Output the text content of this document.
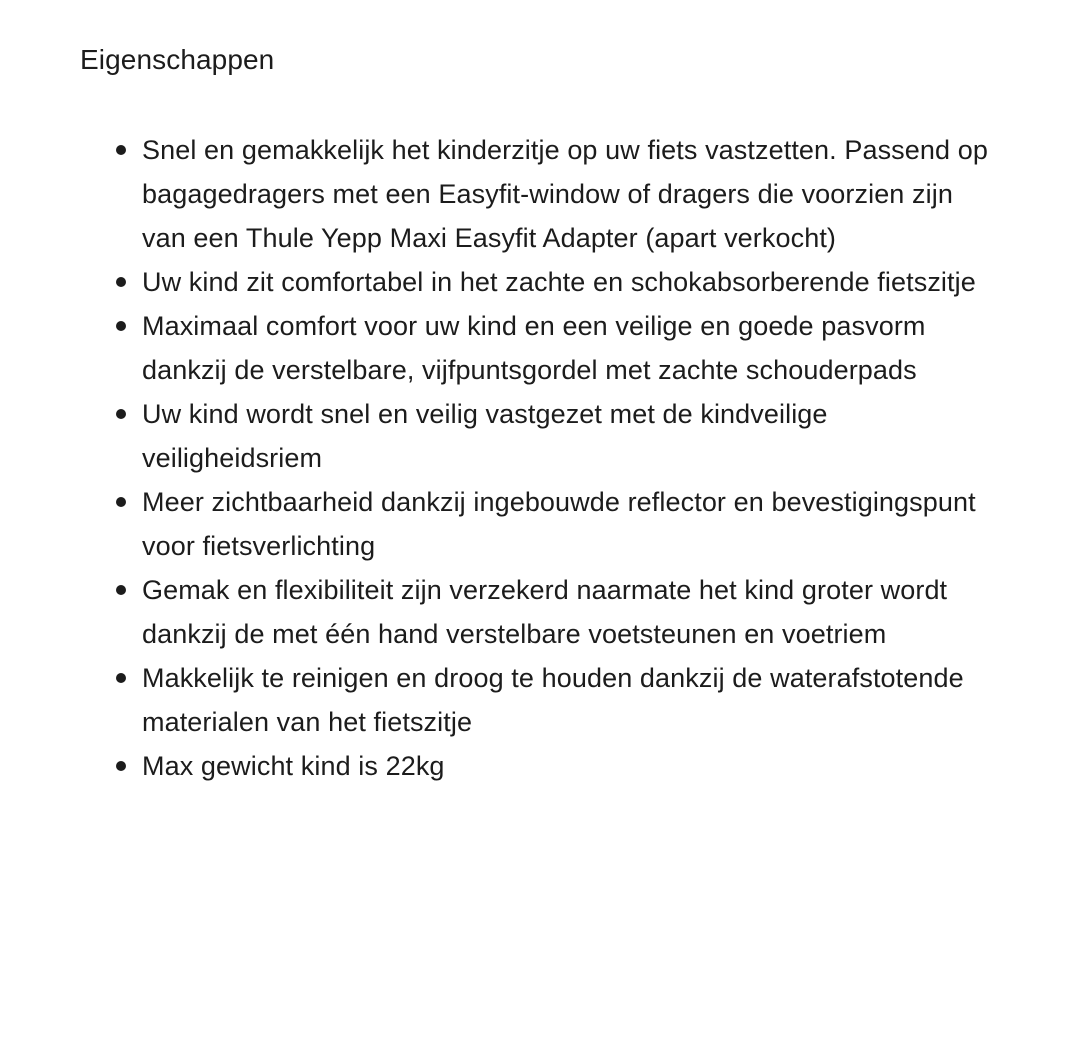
Eigenschappen
Snel en gemakkelijk het kinderzitje op uw fiets vastzetten. Passend op bagagedragers met een Easyfit-window of dragers die voorzien zijn van een Thule Yepp Maxi Easyfit Adapter (apart verkocht)
Uw kind zit comfortabel in het zachte en schokabsorberende fietszitje
Maximaal comfort voor uw kind en een veilige en goede pasvorm dankzij de verstelbare, vijfpuntsgordel met zachte schouderpads
Uw kind wordt snel en veilig vastgezet met de kindveilige veiligheidsriem
Meer zichtbaarheid dankzij ingebouwde reflector en bevestigingspunt voor fietsverlichting
Gemak en flexibiliteit zijn verzekerd naarmate het kind groter wordt dankzij de met één hand verstelbare voetsteunen en voetriem
Makkelijk te reinigen en droog te houden dankzij de waterafstotende materialen van het fietszitje
Max gewicht kind is 22kg
